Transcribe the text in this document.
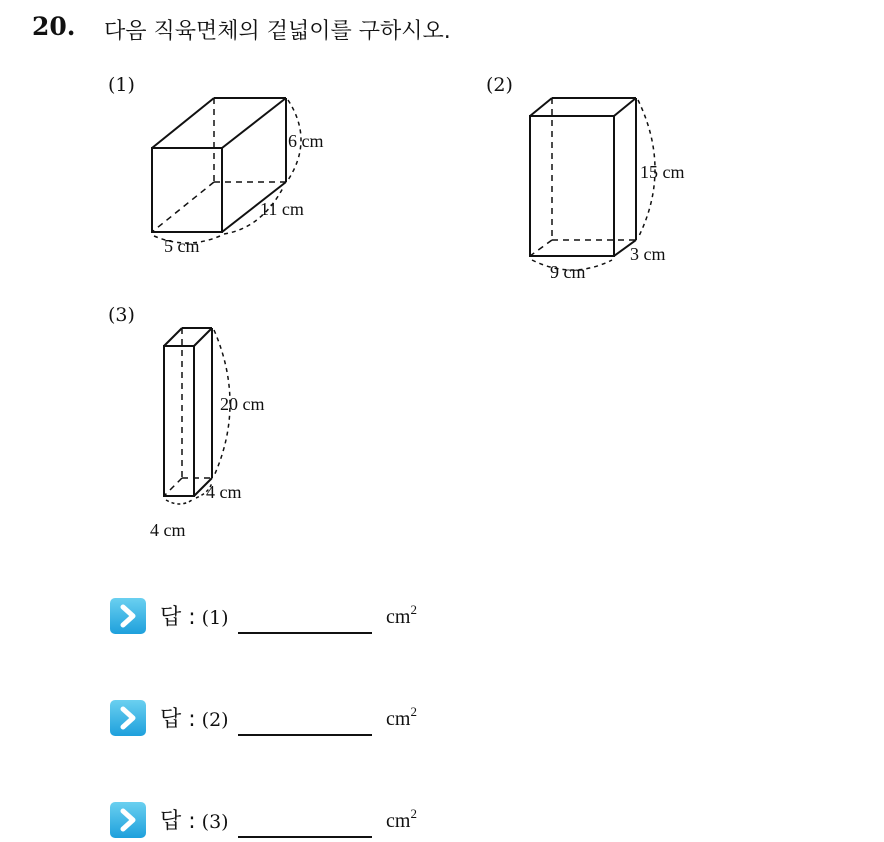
20. 다음 직육면체의 겉넓이를 구하시오.
(1)	(2)
(3)
6 cm
11 cm
5 cm
15 cm
3 cm
9 cm
20 cm
4 cm
4 cm
답 : (1)	$cm^2$
답 : (2)	$cm^2$
답 : (3)	$cm^2$
